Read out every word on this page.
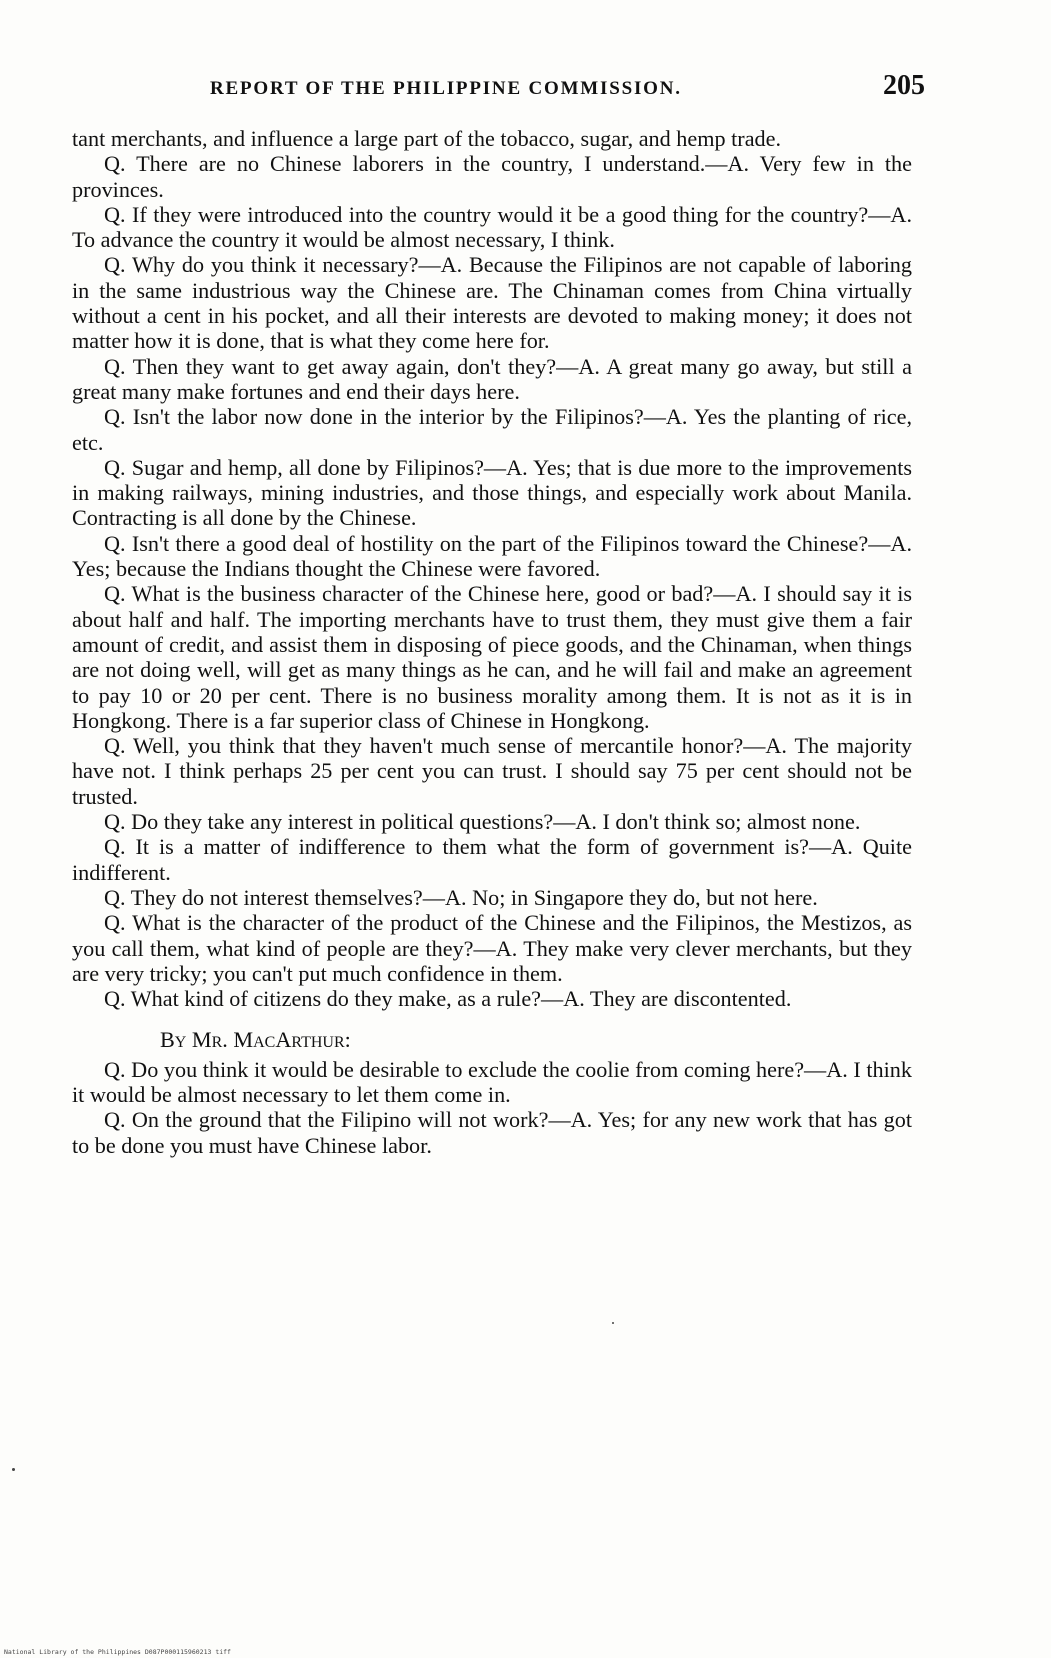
REPORT OF THE PHILIPPINE COMMISSION.	205

tant merchants, and influence a large part of the tobacco, sugar, and hemp trade.

Q. There are no Chinese laborers in the country, I understand.—A. Very few in the provinces.

Q. If they were introduced into the country would it be a good thing for the country?—A. To advance the country it would be almost necessary, I think.

Q. Why do you think it necessary?—A. Because the Filipinos are not capable of laboring in the same industrious way the Chinese are. The Chinaman comes from China virtually without a cent in his pocket, and all their interests are devoted to making money; it does not matter how it is done, that is what they come here for.

Q. Then they want to get away again, don't they?—A. A great many go away, but still a great many make fortunes and end their days here.

Q. Isn't the labor now done in the interior by the Filipinos?—A. Yes the planting of rice, etc.

Q. Sugar and hemp, all done by Filipinos?—A. Yes; that is due more to the improvements in making railways, mining industries, and those things, and especially work about Manila. Contracting is all done by the Chinese.

Q. Isn't there a good deal of hostility on the part of the Filipinos toward the Chinese?—A. Yes; because the Indians thought the Chinese were favored.

Q. What is the business character of the Chinese here, good or bad?—A. I should say it is about half and half. The importing merchants have to trust them, they must give them a fair amount of credit, and assist them in disposing of piece goods, and the Chinaman, when things are not doing well, will get as many things as he can, and he will fail and make an agreement to pay 10 or 20 per cent. There is no business morality among them. It is not as it is in Hongkong. There is a far superior class of Chinese in Hongkong.

Q. Well, you think that they haven't much sense of mercantile honor?—A. The majority have not. I think perhaps 25 per cent you can trust. I should say 75 per cent should not be trusted.

Q. Do they take any interest in political questions?—A. I don't think so; almost none.

Q. It is a matter of indifference to them what the form of government is?—A. Quite indifferent.

Q. They do not interest themselves?—A. No; in Singapore they do, but not here.

Q. What is the character of the product of the Chinese and the Filipinos, the Mestizos, as you call them, what kind of people are they?—A. They make very clever merchants, but they are very tricky; you can't put much confidence in them.

Q. What kind of citizens do they make, as a rule?—A. They are discontented.

By Mr. MacArthur:

Q. Do you think it would be desirable to exclude the coolie from coming here?—A. I think it would be almost necessary to let them come in.

Q. On the ground that the Filipino will not work?—A. Yes; for any new work that has got to be done you must have Chinese labor.

National Library of the Philippines D087P000115960213 tiff
